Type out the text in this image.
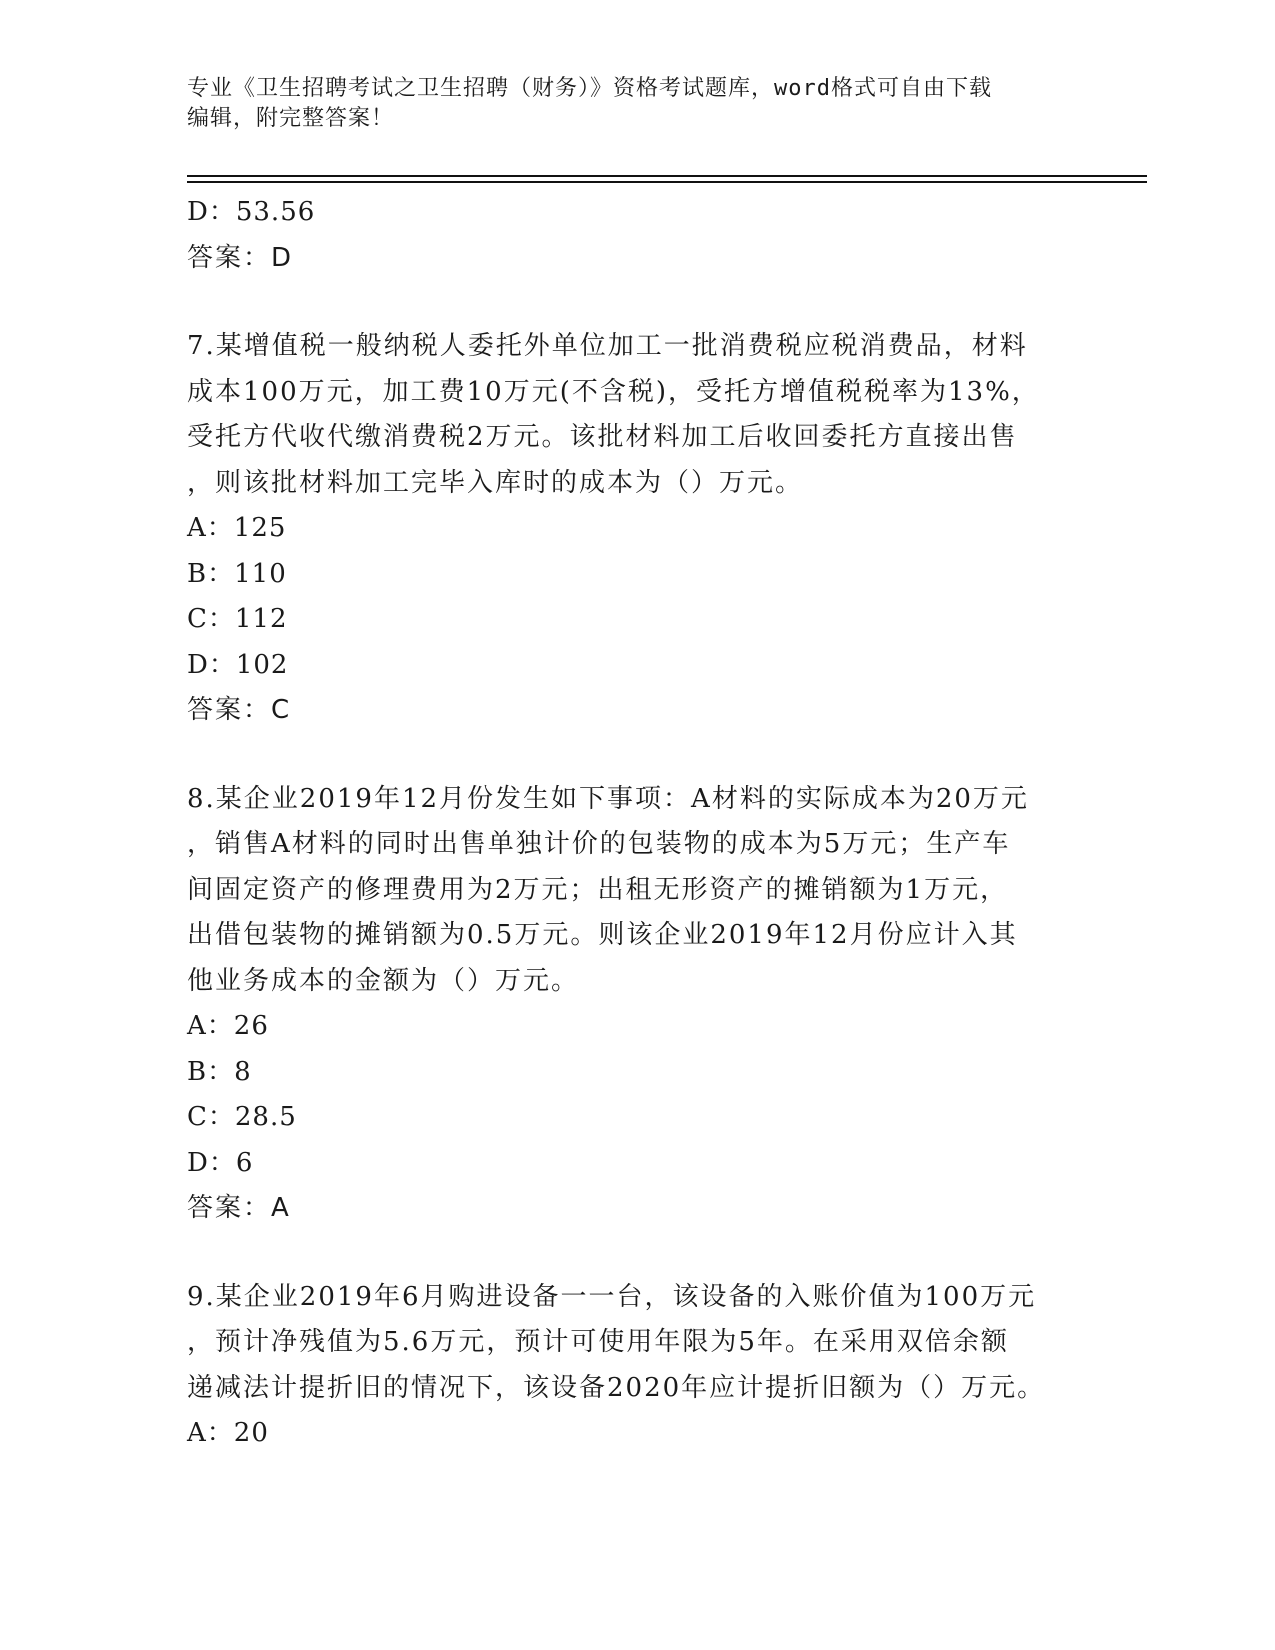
专业《卫生招聘考试之卫生招聘（财务）》资格考试题库，word格式可自由下载
编辑，附完整答案！
D：53.56
答案：D
7.某增值税一般纳税人委托外单位加工一批消费税应税消费品，材料
成本100万元，加工费10万元(不含税)，受托方增值税税率为13%，
受托方代收代缴消费税2万元。该批材料加工后收回委托方直接出售
，则该批材料加工完毕入库时的成本为（）万元。
A：125
B：110
C：112
D：102
答案：C
8.某企业2019年12月份发生如下事项：A材料的实际成本为20万元
，销售A材料的同时出售单独计价的包装物的成本为5万元；生产车
间固定资产的修理费用为2万元；出租无形资产的摊销额为1万元，
出借包装物的摊销额为0.5万元。则该企业2019年12月份应计入其
他业务成本的金额为（）万元。
A：26
B：8
C：28.5
D：6
答案：A
9.某企业2019年6月购进设备一一台，该设备的入账价值为100万元
，预计净残值为5.6万元，预计可使用年限为5年。在采用双倍余额
递减法计提折旧的情况下，该设备2020年应计提折旧额为（）万元。
A：20
